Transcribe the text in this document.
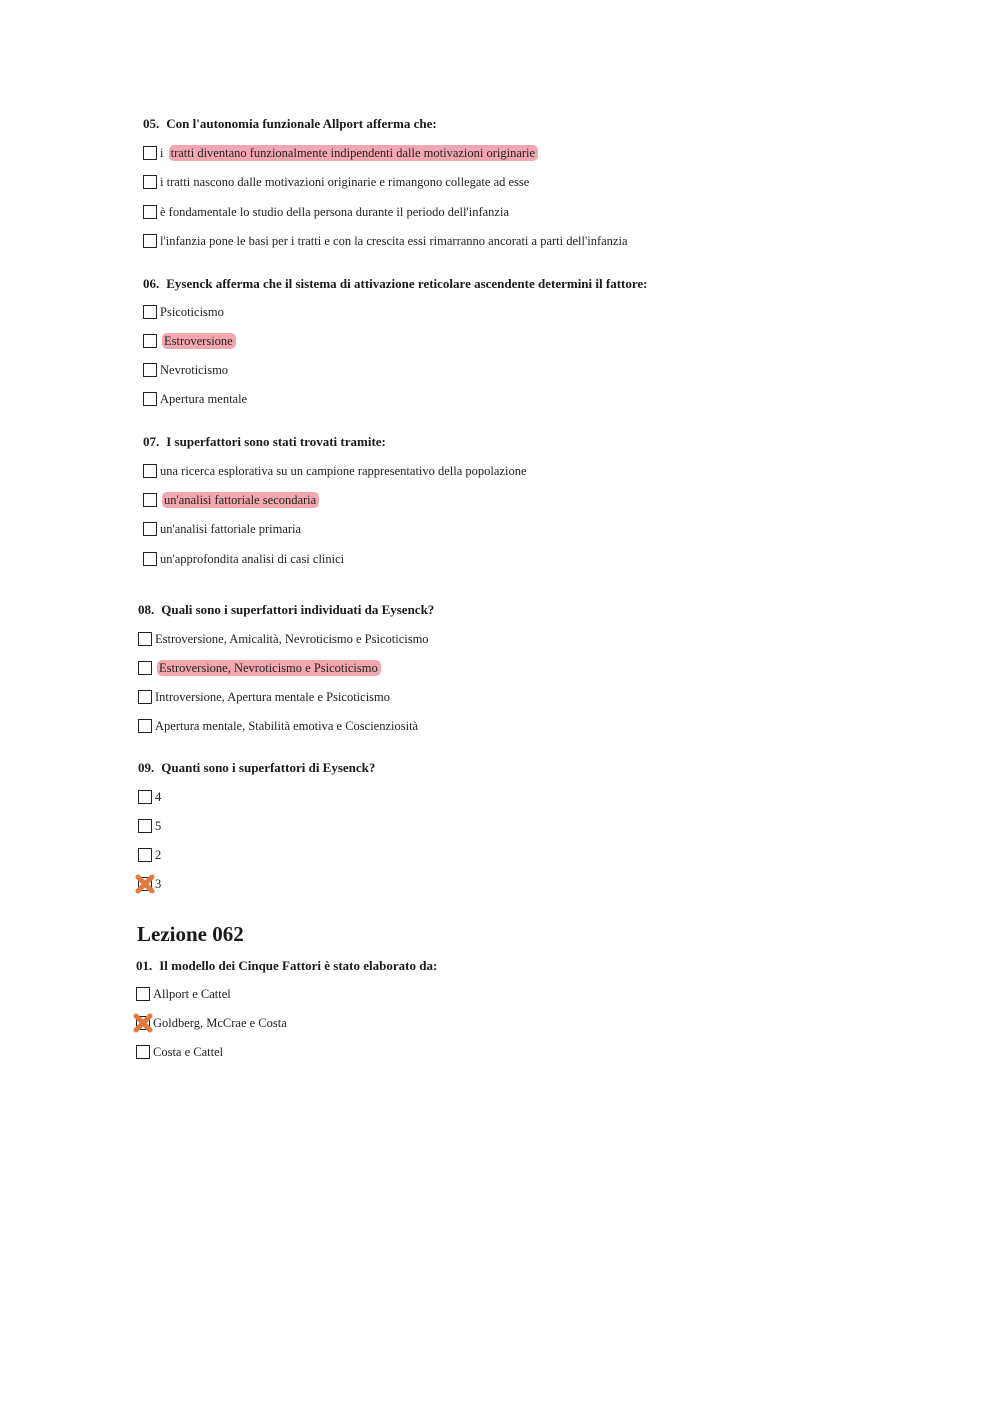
05. Con l'autonomia funzionale Allport afferma che:
i tratti diventano funzionalmente indipendenti dalle motivazioni originarie
i tratti nascono dalle motivazioni originarie e rimangono collegate ad esse
è fondamentale lo studio della persona durante il periodo dell'infanzia
l'infanzia pone le basi per i tratti e con la crescita essi rimarranno ancorati a parti dell'infanzia
06. Eysenck afferma che il sistema di attivazione reticolare ascendente determini il fattore:
Psicoticismo
Estroversione
Nevroticismo
Apertura mentale
07. I superfattori sono stati trovati tramite:
una ricerca esplorativa su un campione rappresentativo della popolazione
un'analisi fattoriale secondaria
un'analisi fattoriale primaria
un'approfondita analisi di casi clinici
08. Quali sono i superfattori individuati da Eysenck?
Estroversione, Amicalità, Nevroticismo e Psicoticismo
Estroversione, Nevroticismo e Psicoticismo
Introversione, Apertura mentale e Psicoticismo
Apertura mentale, Stabilità emotiva e Coscienziosità
09. Quanti sono i superfattori di Eysenck?
4
5
2
3
01. Il modello dei Cinque Fattori è stato elaborato da:
Allport e Cattel
Goldberg, McCrae e Costa
Costa e Cattel
Lezione 062
